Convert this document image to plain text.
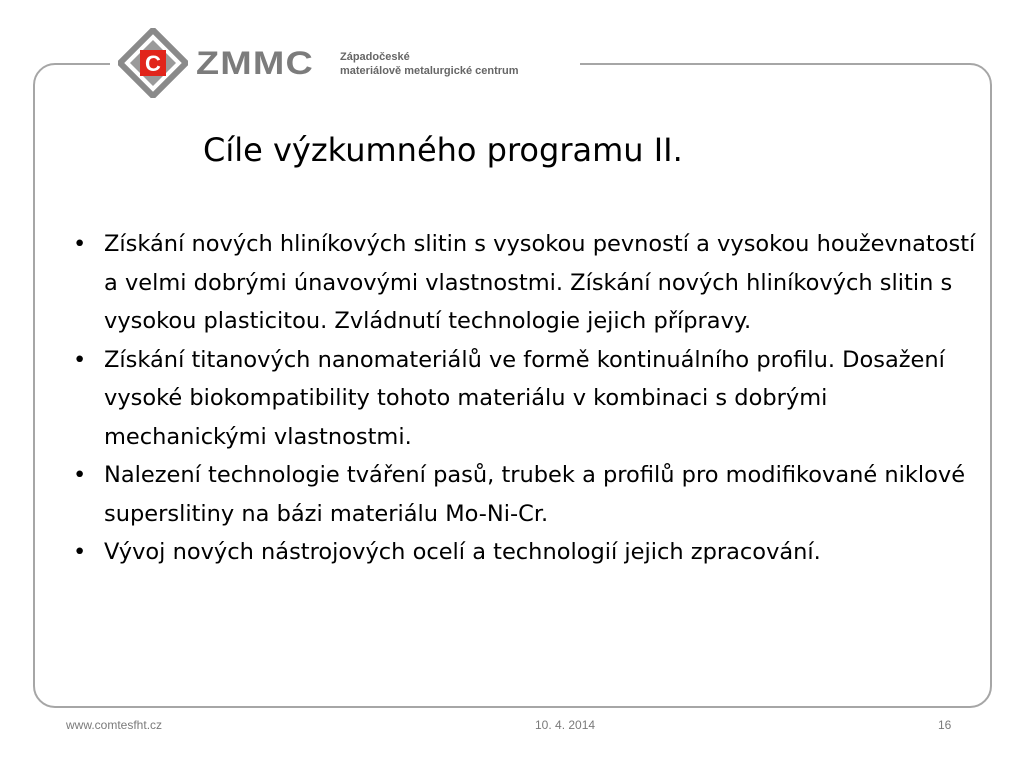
C ZMMC Západočeské
materiálově metalurgické centrum
Cíle výzkumného programu II.
• Získání nových hliníkových slitin s vysokou pevností a vysokou houževnatostí a velmi dobrými únavovými vlastnostmi. Získání nových hliníkových slitin s vysokou plasticitou. Zvládnutí technologie jejich přípravy.
• Získání titanových nanomateriálů ve formě kontinuálního profilu. Dosažení vysoké biokompatibility tohoto materiálu v kombinaci s dobrými mechanickými vlastnostmi.
• Nalezení technologie tváření pasů, trubek a profilů pro modifikované niklové superslitiny na bázi materiálu Mo-Ni-Cr.
• Vývoj nových nástrojových ocelí a technologií jejich zpracování.
www.comtesfht.cz	10. 4. 2014	16
